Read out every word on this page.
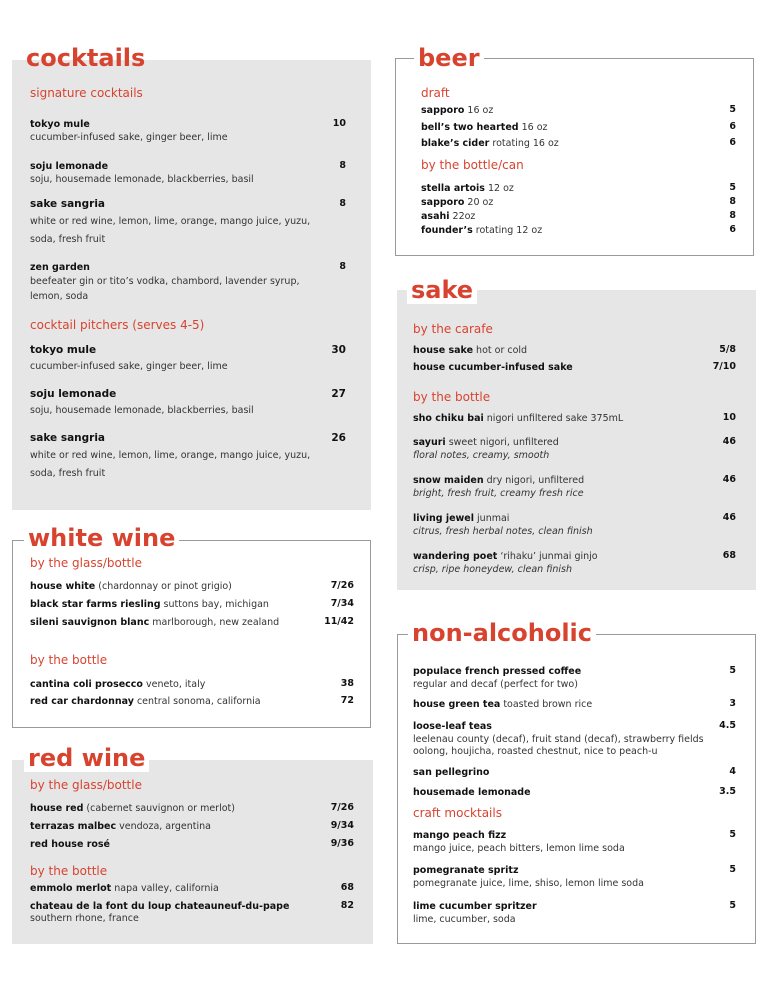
cocktails
signature cocktails
tokyo mule	10
cucumber-infused sake, ginger beer, lime
soju lemonade	8
soju, housemade lemonade, blackberries, basil
sake sangria	8
white or red wine, lemon, lime, orange, mango juice, yuzu,
soda, fresh fruit
zen garden	8
beefeater gin or tito’s vodka, chambord, lavender syrup,
lemon, soda
cocktail pitchers (serves 4-5)
tokyo mule	30
cucumber-infused sake, ginger beer, lime
soju lemonade	27
soju, housemade lemonade, blackberries, basil
sake sangria	26
white or red wine, lemon, lime, orange, mango juice, yuzu,
soda, fresh fruit
white wine
by the glass/bottle
house white (chardonnay or pinot grigio)	7/26
black star farms riesling suttons bay, michigan	7/34
sileni sauvignon blanc marlborough, new zealand	11/42
by the bottle
cantina coli prosecco veneto, italy	38
red car chardonnay central sonoma, california	72
red wine
by the glass/bottle
house red (cabernet sauvignon or merlot)	7/26
terrazas malbec vendoza, argentina	9/34
red house rosé	9/36
by the bottle
emmolo merlot napa valley, california	68
chateau de la font du loup chateauneuf-du-pape	82
southern rhone, france
beer
draft
sapporo 16 oz	5
bell’s two hearted 16 oz	6
blake’s cider rotating 16 oz	6
by the bottle/can
stella artois 12 oz	5
sapporo 20 oz	8
asahi 22oz	8
founder’s rotating 12 oz	6
sake
by the carafe
house sake hot or cold	5/8
house cucumber-infused sake	7/10
by the bottle
sho chiku bai nigori unfiltered sake 375mL	10
sayuri sweet nigori, unfiltered	46
floral notes, creamy, smooth
snow maiden dry nigori, unfiltered	46
bright, fresh fruit, creamy fresh rice
living jewel junmai	46
citrus, fresh herbal notes, clean finish
wandering poet ‘rihaku’ junmai ginjo	68
crisp, ripe honeydew, clean finish
non-alcoholic
populace french pressed coffee	5
regular and decaf (perfect for two)
house green tea toasted brown rice	3
loose-leaf teas	4.5
leelenau county (decaf), fruit stand (decaf), strawberry fields
oolong, houjicha, roasted chestnut, nice to peach-u
san pellegrino	4
housemade lemonade	3.5
craft mocktails
mango peach fizz	5
mango juice, peach bitters, lemon lime soda
pomegranate spritz	5
pomegranate juice, lime, shiso, lemon lime soda
lime cucumber spritzer	5
lime, cucumber, soda
